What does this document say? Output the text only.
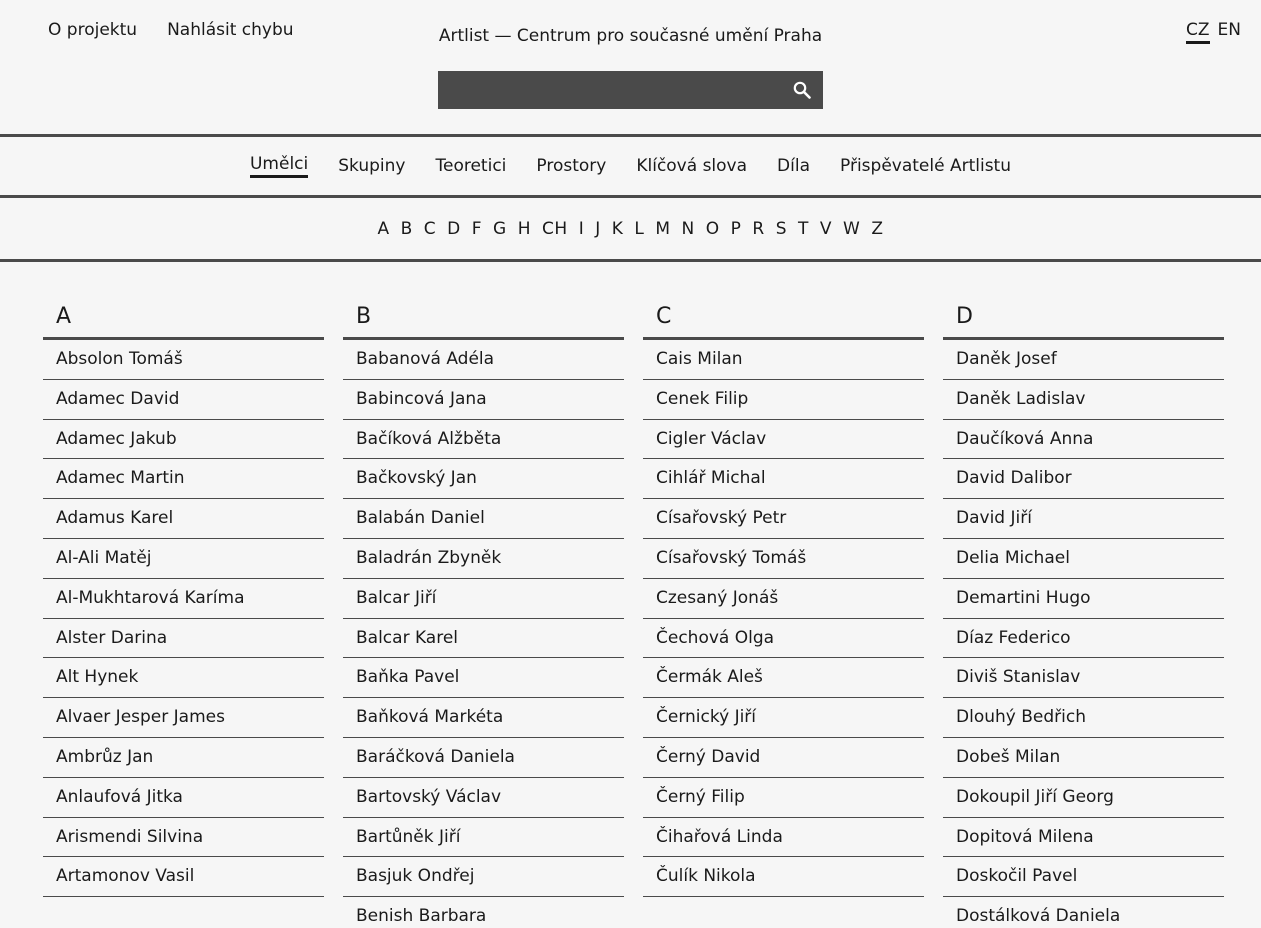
O projektu Nahlásit chybu	Artlist — Centrum pro současné umění Praha	CZ EN
Umělci Skupiny Teoretici Prostory Klíčová slova Díla Přispěvatelé Artlistu
A B C D F G H CH I J K L M N O P R S T V W Z
A
Absolon Tomáš
Adamec David
Adamec Jakub
Adamec Martin
Adamus Karel
Al-Ali Matěj
Al-Mukhtarová Karíma
Alster Darina
Alt Hynek
Alvaer Jesper James
Ambrůz Jan
Anlaufová Jitka
Arismendi Silvina
Artamonov Vasil
B
Babanová Adéla
Babincová Jana
Bačíková Alžběta
Bačkovský Jan
Balabán Daniel
Baladrán Zbyněk
Balcar Jiří
Balcar Karel
Baňka Pavel
Baňková Markéta
Baráčková Daniela
Bartovský Václav
Bartůněk Jiří
Basjuk Ondřej
Benish Barbara
C
Cais Milan
Cenek Filip
Cigler Václav
Cihlář Michal
Císařovský Petr
Císařovský Tomáš
Czesaný Jonáš
Čechová Olga
Čermák Aleš
Černický Jiří
Černý David
Černý Filip
Čihařová Linda
Čulík Nikola
D
Daněk Josef
Daněk Ladislav
Daučíková Anna
David Dalibor
David Jiří
Delia Michael
Demartini Hugo
Díaz Federico
Diviš Stanislav
Dlouhý Bedřich
Dobeš Milan
Dokoupil Jiří Georg
Dopitová Milena
Doskočil Pavel
Dostálková Daniela
